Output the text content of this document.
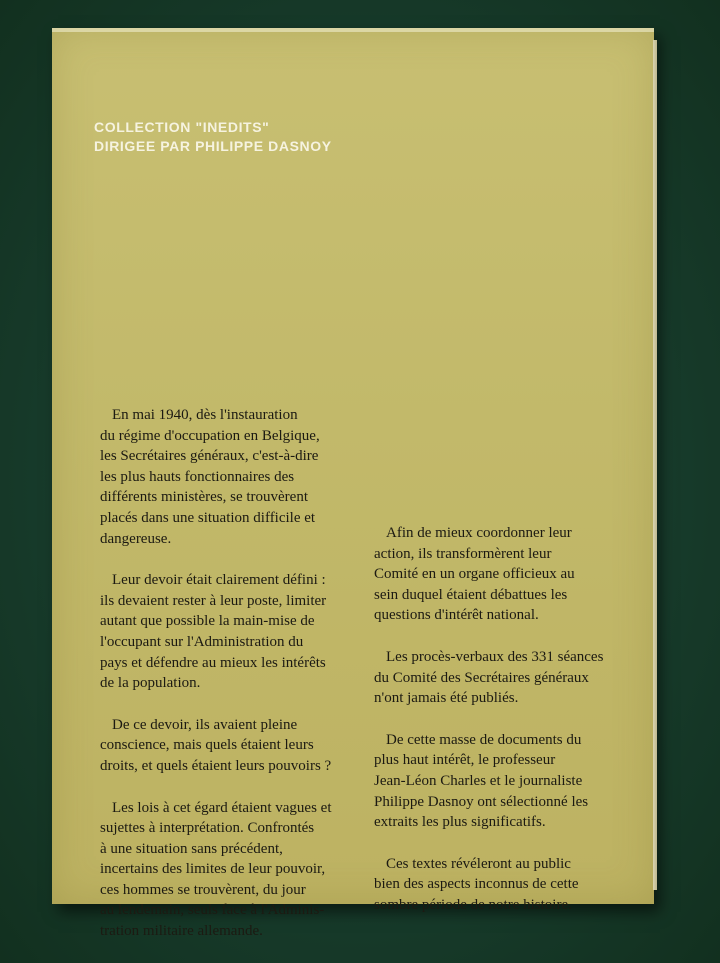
COLLECTION "INEDITS"
DIRIGEE PAR PHILIPPE DASNOY

En mai 1940, dès l'instauration
du régime d'occupation en Belgique,
les Secrétaires généraux, c'est-à-dire
les plus hauts fonctionnaires des
différents ministères, se trouvèrent
placés dans une situation difficile et
dangereuse.

Leur devoir était clairement défini :
ils devaient rester à leur poste, limiter
autant que possible la main-mise de
l'occupant sur l'Administration du
pays et défendre au mieux les intérêts
de la population.

De ce devoir, ils avaient pleine
conscience, mais quels étaient leurs
droits, et quels étaient leurs pouvoirs ?

Les lois à cet égard étaient vagues et
sujettes à interprétation. Confrontés
à une situation sans précédent,
incertains des limites de leur pouvoir,
ces hommes se trouvèrent, du jour
au lendemain, seuls face à l'Adminis-
tration militaire allemande.

Afin de mieux coordonner leur
action, ils transformèrent leur
Comité en un organe officieux au
sein duquel étaient débattues les
questions d'intérêt national.

Les procès-verbaux des 331 séances
du Comité des Secrétaires généraux
n'ont jamais été publiés.

De cette masse de documents du
plus haut intérêt, le professeur
Jean-Léon Charles et le journaliste
Philippe Dasnoy ont sélectionné les
extraits les plus significatifs.

Ces textes révéleront au public
bien des aspects inconnus de cette
sombre période de notre histoire.
